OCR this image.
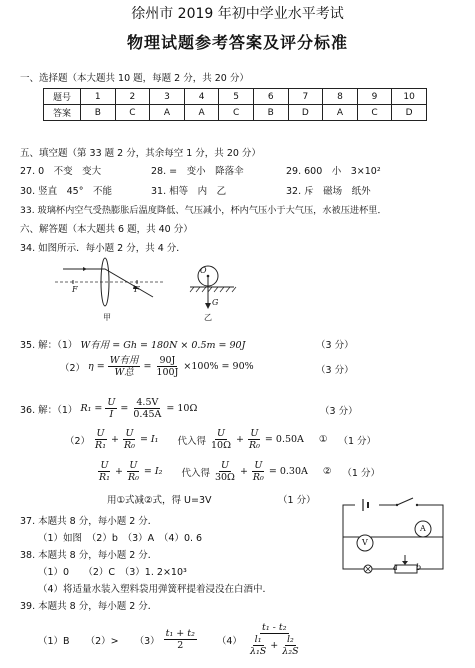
徐州市 2019 年初中学业水平考试
物理试题参考答案及评分标准
一、选择题（本大题共 10 题，每题 2 分，共 20 分）
题号	1	2	3	4	5	6	7	8	9	10
答案	B	C	A	A	C	B	D	A	C	D
五、填空题（第 33 题 2 分，其余每空 1 分，共 20 分）
27. 0　不变　变大	28. =　变小　降落伞	29. 600　小　3×10²
30. 竖直　45°　不能	31. 相等　内　乙	32. 斥　磁场　纸外
33. 玻璃杯内空气受热膨胀后温度降低、气压减小，杯内气压小于大气压，水被压进杯里．
六、解答题（本大题共 6 题，共 40 分）
34. 如图所示．每小题 2 分，共 4 分．
F	F
甲
O
G
乙
35. 解：（1） W有用 = Gh = 180N × 0.5m = 90J	（3 分）
（2） $\eta = \frac{\text{W有用}}{\text{W总}} = \frac{90J}{100J} \times 100\% = 90\%$	（3 分）
36. 解：（1） $R_1 = \frac{U}{I} = \frac{4.5V}{0.45A} = 10\Omega$	（3 分）
$(2) \frac{U}{\text{R₁}} + \frac{U}{\text{R₀}} = I_1$ 代入得 $\frac{U}{10\Omega} + \frac{U}{\text{R₀}} = 0.50A$ ① （1 分）
$\frac{U}{\text{R₁}} + \frac{U}{\text{R₀}} = I_2$ 代入得 $\frac{U}{30\Omega} + \frac{U}{\text{R₀}} = 0.30A$ ② （1 分）
用①式减②式，得 U=3V	（1 分）
A
V
a b
37. 本题共 8 分，每小题 2 分．
（1）如图　（2）b　（3）A　（4）0. 6
38. 本题共 8 分，每小题 2 分．
（1）0　　（2）C　（3）1. 2×10³
（4）将适量水装入塑料袋用弹簧秤提着浸没在白酒中．
39. 本题共 8 分，每小题 2 分．
（1）B $(2)> (3) \frac{\text{t₁ + t₂}}{2} (4) \frac{\text{t₁ - t₂}}{\frac{\text{l₁}}{\text{λ₁S}} + \frac{\text{l₂}}{\text{λ₂S}}}$
